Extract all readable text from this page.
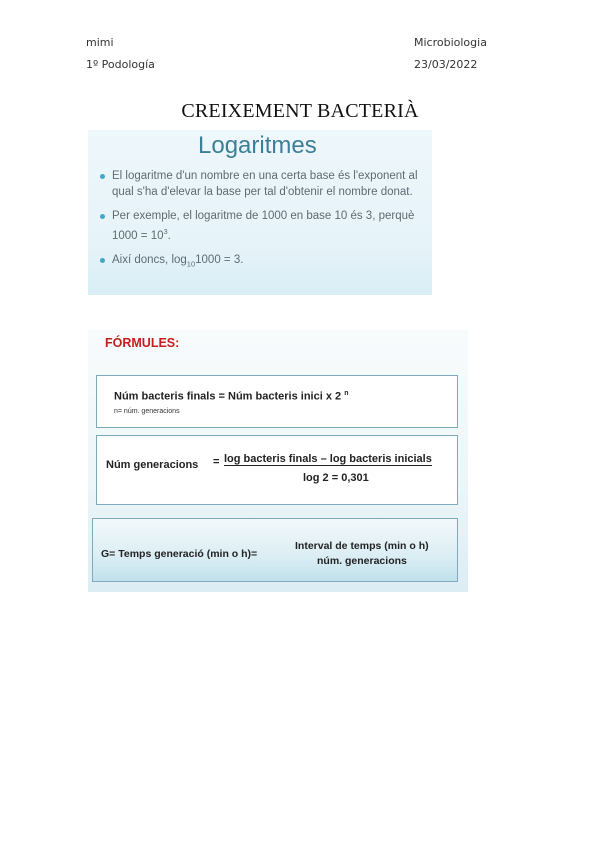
mimi
1º Podología
Microbiologia
23/03/2022
CREIXEMENT BACTERIÀ
Logaritmes
El logaritme d'un nombre en una certa base és l'exponent al qual s'ha d'elevar la base per tal d'obtenir el nombre donat.
Per exemple, el logaritme de 1000 en base 10 és 3, perquè $1000 = 10^3$.
Així doncs, $\log_{10}1000 = 3$.
FÓRMULES:
Núm bacteris finals = Núm bacteris inici x 2 $^n$
n= núm. generacions
Núm generacions = log bacteris finals – log bacteris inicials
log 2 = 0,301
G= Temps generació (min o h)=
Interval de temps (min o h)
núm. generacions
